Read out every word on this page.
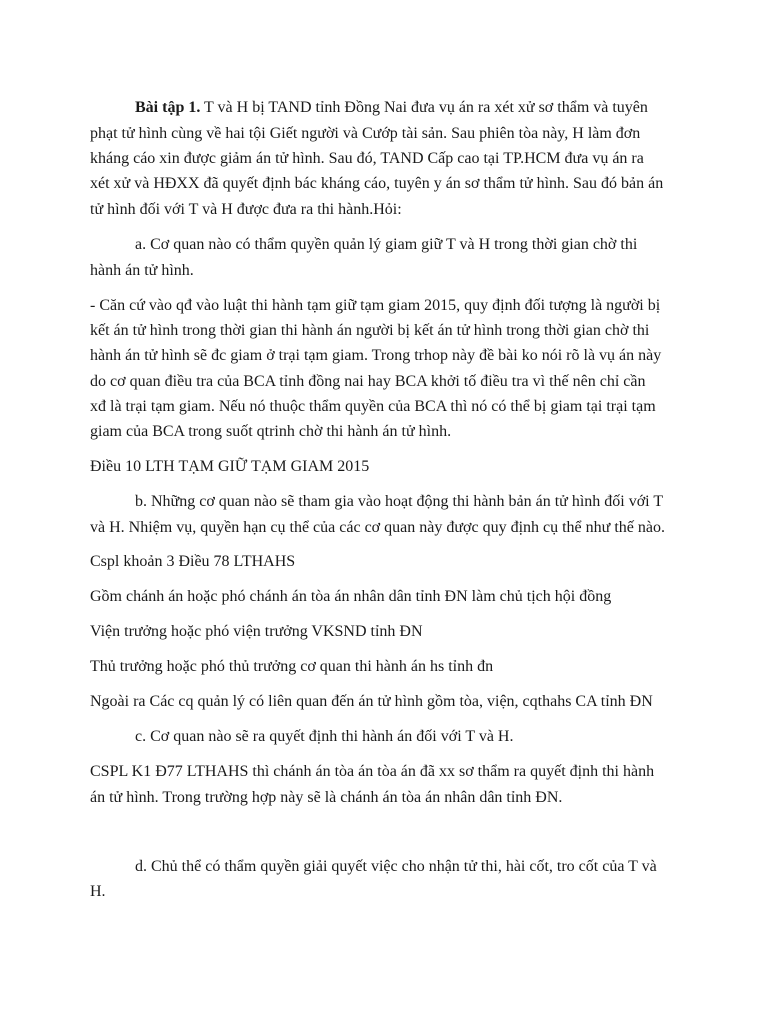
Bài tập 1. T và H bị TAND tỉnh Đồng Nai đưa vụ án ra xét xử sơ thẩm và tuyên

phạt tử hình cùng về hai tội Giết người và Cướp tài sản. Sau phiên tòa này, H làm đơn

kháng cáo xin được giảm án tử hình. Sau đó, TAND Cấp cao tại TP.HCM đưa vụ án ra

xét xử và HĐXX đã quyết định bác kháng cáo, tuyên y án sơ thẩm tử hình. Sau đó bản án

tử hình đối với T và H được đưa ra thi hành.Hỏi:

a. Cơ quan nào có thẩm quyền quản lý giam giữ T và H trong thời gian chờ thi

hành án tử hình.

- Căn cứ vào qđ vào luật thi hành tạm giữ tạm giam 2015, quy định đối tượng là người bị

kết án tử hình trong thời gian thi hành án người bị kết án tử hình trong thời gian chờ thi

hành án tử hình sẽ đc giam ở trại tạm giam. Trong trhop này đề bài ko nói rõ là vụ án này

do cơ quan điều tra của BCA tỉnh đồng nai hay BCA khởi tố điều tra vì thế nên chỉ cần

xđ là trại tạm giam. Nếu nó thuộc thẩm quyền của BCA thì nó có thể bị giam tại trại tạm

giam của BCA trong suốt qtrinh chờ thi hành án tử hình.

Điều 10 LTH TẠM GIỮ TẠM GIAM 2015

b. Những cơ quan nào sẽ tham gia vào hoạt động thi hành bản án tử hình đối với T

và H. Nhiệm vụ, quyền hạn cụ thể của các cơ quan này được quy định cụ thể như thế nào.

Cspl khoản 3 Điều 78 LTHAHS

Gồm chánh án hoặc phó chánh án tòa án nhân dân tỉnh ĐN làm chủ tịch hội đồng

Viện trưởng hoặc phó viện trưởng VKSND tỉnh ĐN

Thủ trưởng hoặc phó thủ trưởng cơ quan thi hành án hs tỉnh đn

Ngoài ra Các cq quản lý có liên quan đến án tử hình gồm tòa, viện, cqthahs CA tỉnh ĐN

c. Cơ quan nào sẽ ra quyết định thi hành án đối với T và H.

CSPL K1 Đ77 LTHAHS thì chánh án tòa án tòa án đã xx sơ thẩm ra quyết định thi hành

án tử hình. Trong trường hợp này sẽ là chánh án tòa án nhân dân tỉnh ĐN.

d. Chủ thể có thẩm quyền giải quyết việc cho nhận tử thi, hài cốt, tro cốt của T và

H.
